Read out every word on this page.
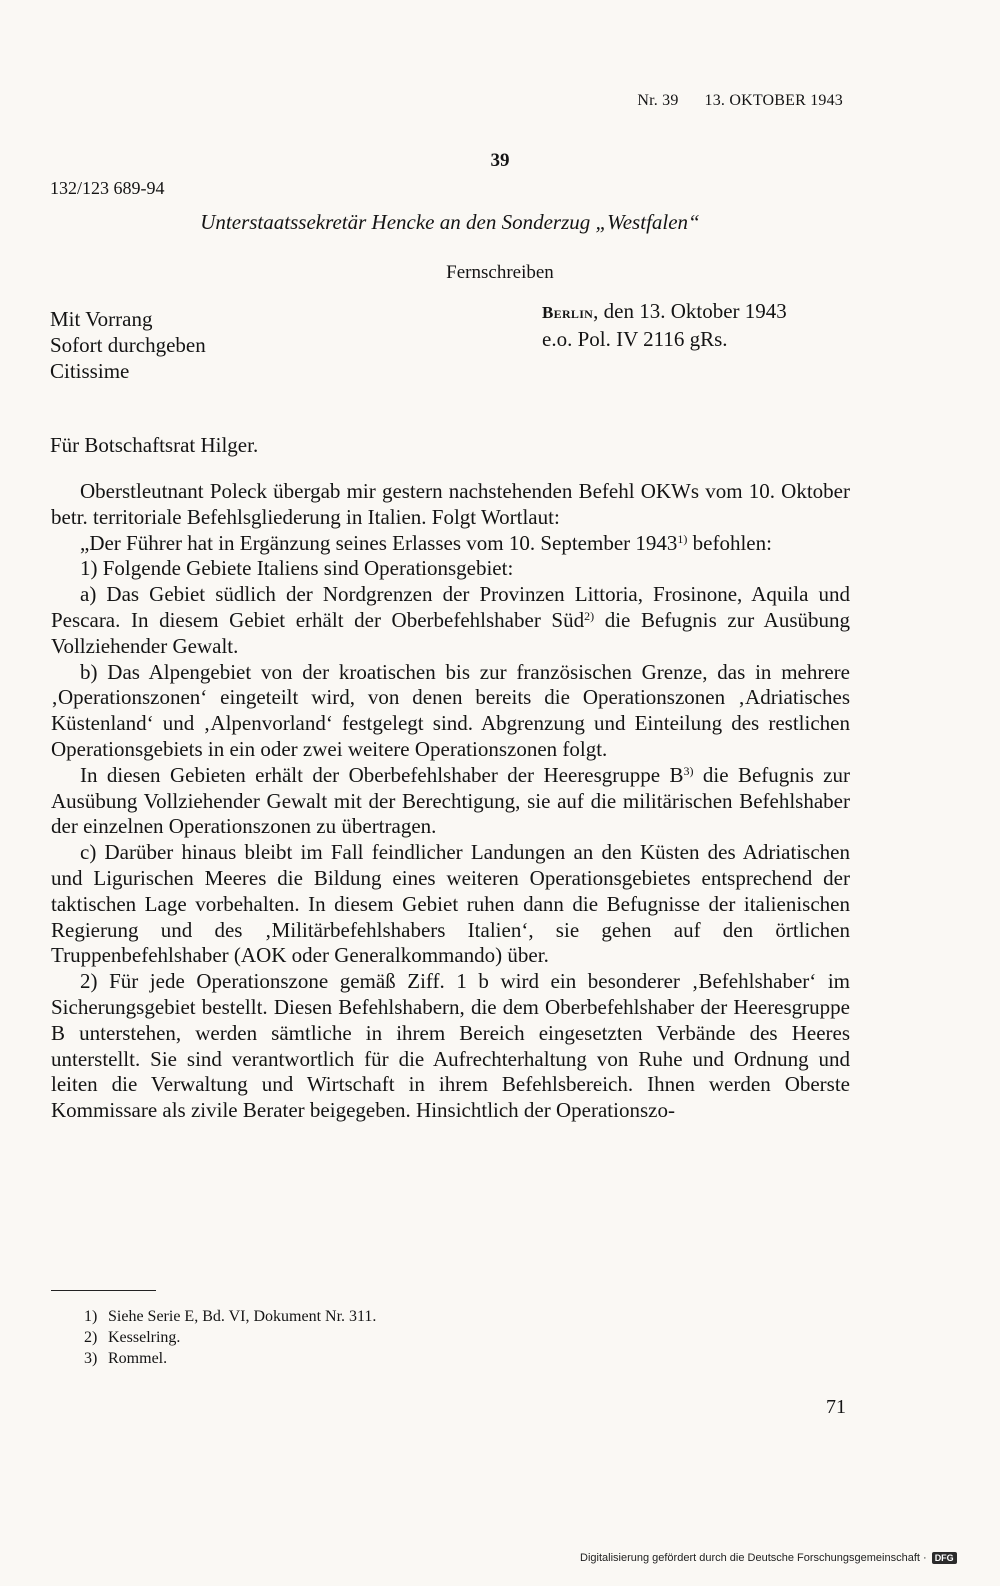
Nr. 39 13. OKTOBER 1943
39
132/123 689-94
Unterstaatssekretär Hencke an den Sonderzug „Westfalen“
Fernschreiben
Mit Vorrang
Sofort durchgeben
Citissime
Berlin, den 13. Oktober 1943
e.o. Pol. IV 2116 gRs.
Für Botschaftsrat Hilger.

Oberstleutnant Poleck übergab mir gestern nachstehenden Befehl OKWs vom 10. Oktober betr. territoriale Befehlsgliederung in Italien. Folgt Wortlaut:

„Der Führer hat in Ergänzung seines Erlasses vom 10. September 1943$^{1)}$ befohlen:

1) Folgende Gebiete Italiens sind Operationsgebiet:

a) Das Gebiet südlich der Nordgrenzen der Provinzen Littoria, Frosinone, Aquila und Pescara. In diesem Gebiet erhält der Oberbefehlshaber Süd$^{2)}$ die Befugnis zur Ausübung Vollziehender Gewalt.

b) Das Alpengebiet von der kroatischen bis zur französischen Grenze, das in mehrere ‚Operationszonen‘ eingeteilt wird, von denen bereits die Operationszonen ‚Adriatisches Küstenland‘ und ‚Alpenvorland‘ festgelegt sind. Abgrenzung und Einteilung des restlichen Operationsgebiets in ein oder zwei weitere Operationszonen folgt.

In diesen Gebieten erhält der Oberbefehlshaber der Heeresgruppe $B^{3)}$ die Befugnis zur Ausübung Vollziehender Gewalt mit der Berechtigung, sie auf die militärischen Befehlshaber der einzelnen Operationszonen zu übertragen.

c) Darüber hinaus bleibt im Fall feindlicher Landungen an den Küsten des Adriatischen und Ligurischen Meeres die Bildung eines weiteren Operationsgebietes entsprechend der taktischen Lage vorbehalten. In diesem Gebiet ruhen dann die Befugnisse der italienischen Regierung und des ‚Militärbefehlshabers Italien‘, sie gehen auf den örtlichen Truppenbefehlshaber (AOK oder Generalkommando) über.

2) Für jede Operationszone gemäß Ziff. 1 b wird ein besonderer ‚Befehlshaber‘ im Sicherungsgebiet bestellt. Diesen Befehlshabern, die dem Oberbefehlshaber der Heeresgruppe B unterstehen, werden sämtliche in ihrem Bereich eingesetzten Verbände des Heeres unterstellt. Sie sind verantwortlich für die Aufrechterhaltung von Ruhe und Ordnung und leiten die Verwaltung und Wirtschaft in ihrem Befehlsbereich. Ihnen werden Oberste Kommissare als zivile Berater beigegeben. Hinsichtlich der Operationszo-

1) Siehe Serie E, Bd. VI, Dokument Nr. 311.
2) Kesselring.
3) Rommel.
71
Digitalisierung gefördert durch die Deutsche Forschungsgemeinschaft · DFG
